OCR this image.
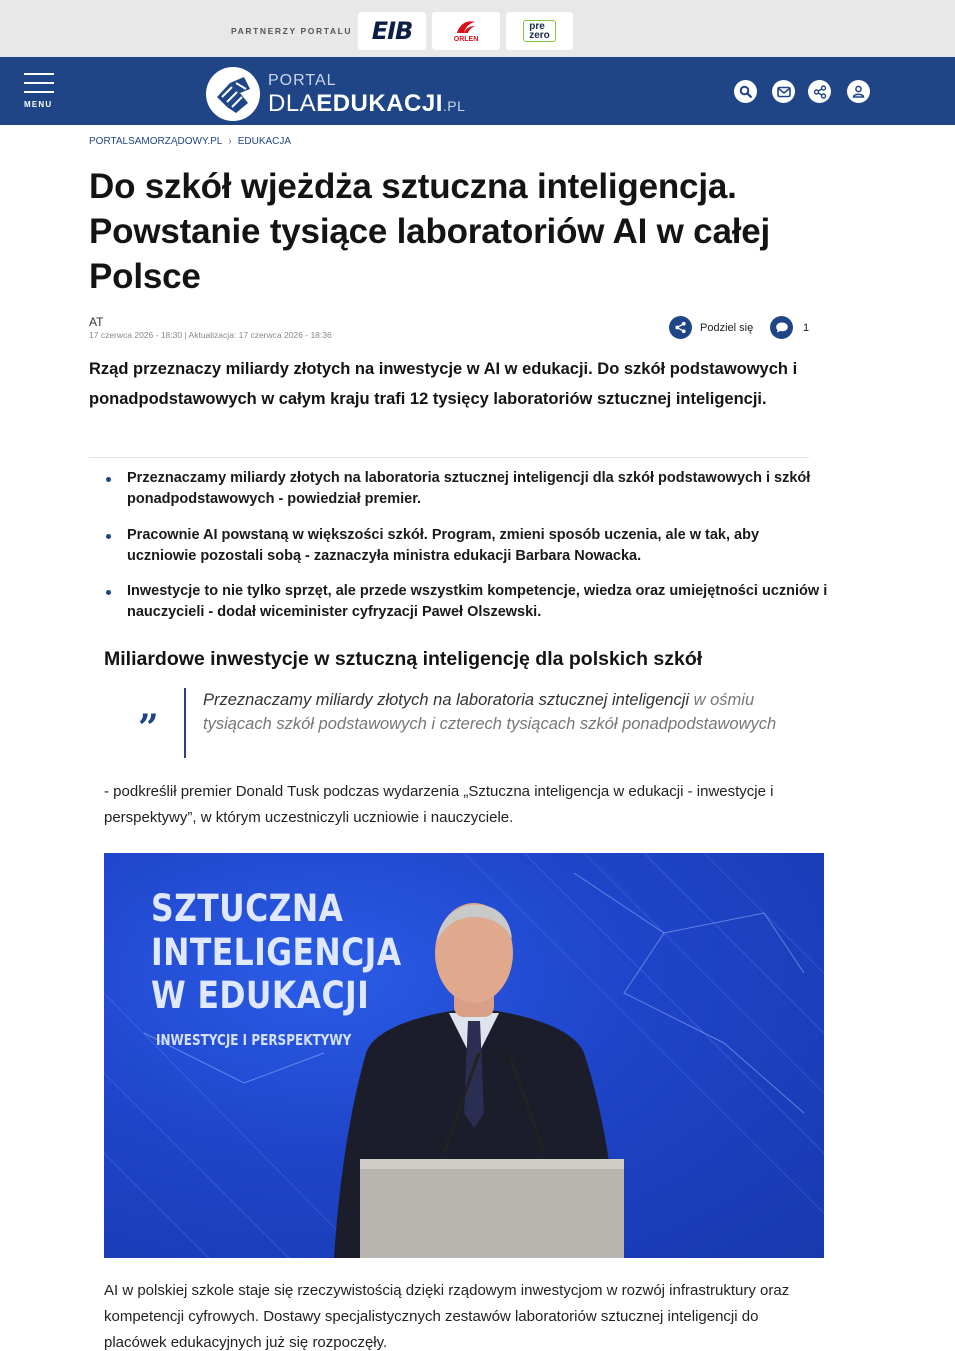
PARTNERZY PORTALU EIB	ORLEN
pre
zero
MENU
PORTAL
DLAEDUKACJI.PL
PORTALSAMORZĄDOWY.PL › EDUKACJA
Do szkół wjeżdża sztuczna inteligencja. Powstanie tysiące laboratoriów AI w całej Polsce
AT
17 czerwca 2026 - 18:30 | Aktualizacja: 17 czerwca 2026 - 18:36
Podziel się	1

Rząd przeznaczy miliardy złotych na inwestycje w AI w edukacji. Do szkół podstawowych i ponadpodstawowych w całym kraju trafi 12 tysięcy laboratoriów sztucznej inteligencji.

Przeznaczamy miliardy złotych na laboratoria sztucznej inteligencji dla szkół podstawowych i szkół ponadpodstawowych - powiedział premier.
Pracownie AI powstaną w większości szkół. Program, zmieni sposób uczenia, ale w tak, aby uczniowie pozostali sobą - zaznaczyła ministra edukacji Barbara Nowacka.
Inwestycje to nie tylko sprzęt, ale przede wszystkim kompetencje, wiedza oraz umiejętności uczniów i nauczycieli - dodał wiceminister cyfryzacji Paweł Olszewski.
Miliardowe inwestycje w sztuczną inteligencję dla polskich szkół
”
Przeznaczamy miliardy złotych na laboratoria sztucznej inteligencji w ośmiu tysiącach szkół podstawowych i czterech tysiącach szkół ponadpodstawowych

- podkreślił premier Donald Tusk podczas wydarzenia „Sztuczna inteligencja w edukacji - inwestycje i perspektywy”, w którym uczestniczyli uczniowie i nauczyciele.

SZTUCZNA
INTELIGENCJA
W EDUKACJI
INWESTYCJE I PERSPEKTYWY

AI w polskiej szkole staje się rzeczywistością dzięki rządowym inwestycjom w rozwój infrastruktury oraz kompetencji cyfrowych. Dostawy specjalistycznych zestawów laboratoriów sztucznej inteligencji do placówek edukacyjnych już się rozpoczęły.
